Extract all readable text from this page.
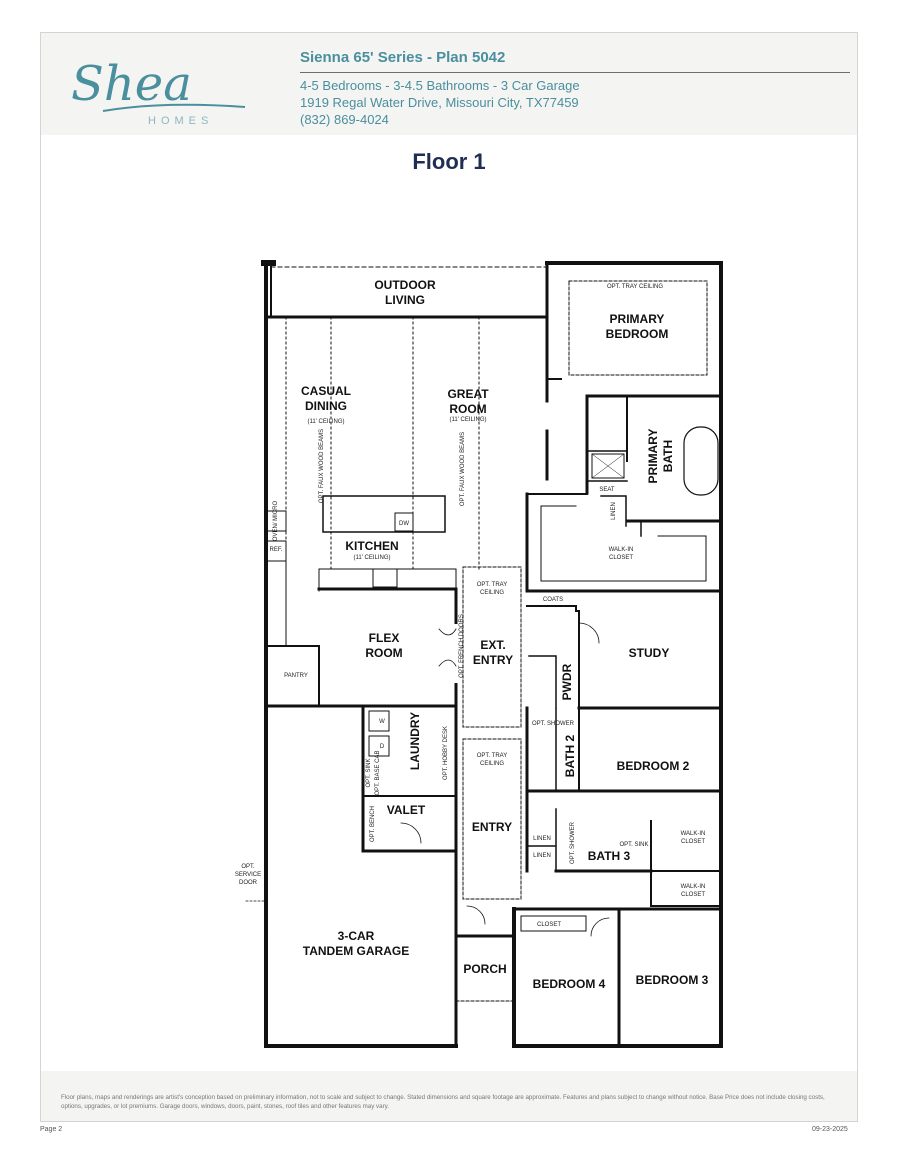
Shea
HOMES
Sienna 65' Series - Plan 5042
4-5 Bedrooms - 3-4.5 Bathrooms - 3 Car Garage
1919 Regal Water Drive, Missouri City, TX77459
(832) 869-4024
Floor 1
OUTDOOR LIVING
PRIMARY BEDROOM
CASUAL DINING
GREAT ROOM
PRIMARYBATH
KITCHEN
FLEX ROOM
EXT. ENTRY	STUDY
PWDR
LAUNDRY	BATH 2	BEDROOM 2
VALET
ENTRY
BATH 3
3-CAR TANDEM GARAGE
PORCH
BEDROOM 4	BEDROOM 3
OPT. TRAY CEILING
(11' CEILING)	(11' CEILING)
(11' CEILING)
OPT. FAUX WOOD BEAMS	OPT. FAUX WOOD BEAMS	SEAT
LINEN
WALK-IN CLOSET
OVEN/ MICRO
REF.
DW
PANTRY
COATS
OPT. TRAY CEILING
OPT. TRAY CEILING
OPT. FRENCH DOORS
OPT. SHOWER
OPT. SHOWER
W
D
OPT. SINK OPT. BASE CAB	OPT. HOBBY DESK
OPT. BENCH
OPT. SERVICE DOOR
LINEN
LINEN
OPT. SINK
WALK-IN CLOSET
WALK-IN CLOSET
CLOSET
Floor plans, maps and renderings are artist's conception based on preliminary information, not to scale and subject to change. Stated dimensions and square footage are approximate. Features and plans subject to change without notice. Base Price does not include closing costs, options, upgrades, or lot premiums. Garage doors, windows, doors, paint, stones, roof tiles and other features may vary.
Page 2	09-23-2025
